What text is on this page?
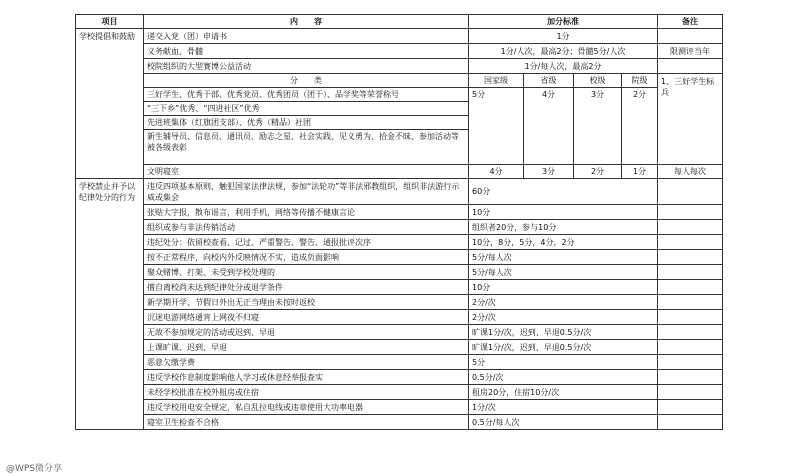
项目	内　　容	加分标准				备注
学校提倡和鼓励	递交入党（团）申请书	1分				
	义务献血、骨髓	1分/人次，最高2分；骨髓5分/人次				限测评当年
	校院组织的大型赛博公益活动	1分/每人次，最高2分				
	分　　类	国家级	省级	校级	院级	1、三好学生标兵

	三好学生、优秀干部、优秀党员、优秀团员（团干）、品学奖等荣誉称号
“三下乡”优秀、“四进社区”优秀
先进班集体（红旗团支部）、优秀（精品）社团
新生辅导员、信息员、通讯员、励志之星、社会实践、见义勇为、拾金不昧、参加活动等被各级表彰	5分	4分	3分	2分	
	文明寝室	4分	3分	2分	1分	每人每次
学校禁止并予以纪律处分的行为	违反四项基本原则，触犯国家法律法规，参加“法轮功”等非法邪教组织，组织非法游行示威或集会	60分				
	张贴大字报，散布谣言，利用手机，网络等传播不健康言论	10分				
	组织或参与非法传销活动	组织者20分，参与10分				
	违纪处分：依留校查看、记过、严重警告、警告、通报批评次序	10分，8分，5分，4分，2分				
	按不正常程序，向校内外反映情况不实，造成负面影响	5分/每人次				
	聚众赌博、打架、未受到学校处理的	5分/每人次				
	擅自离校尚未达到纪律处分或退学条件	10分				
	新学期开学、节假日外出无正当理由未按时返校	2分/次				
	沉迷电游网络通宵上网夜不归寝	2分/次				
	无故不参加规定的活动或迟到、早退	旷课1分/次，迟到、早退0.5分/次				
	上课旷课、迟到、早退	旷课1分/次，迟到、早退0.5分/次				
	恶意欠缴学费	5分				
	违反学校作息制度影响他人学习或休息经举报查实	0.5分/次				
	未经学校批准在校外租房或住宿	租房20分，住宿10分/次				
	违反学校用电安全规定，私自乱拉电线或违章使用大功率电器	1分/次				
	寝室卫生检查不合格	0.5分/每人次				
@WPS微分享
